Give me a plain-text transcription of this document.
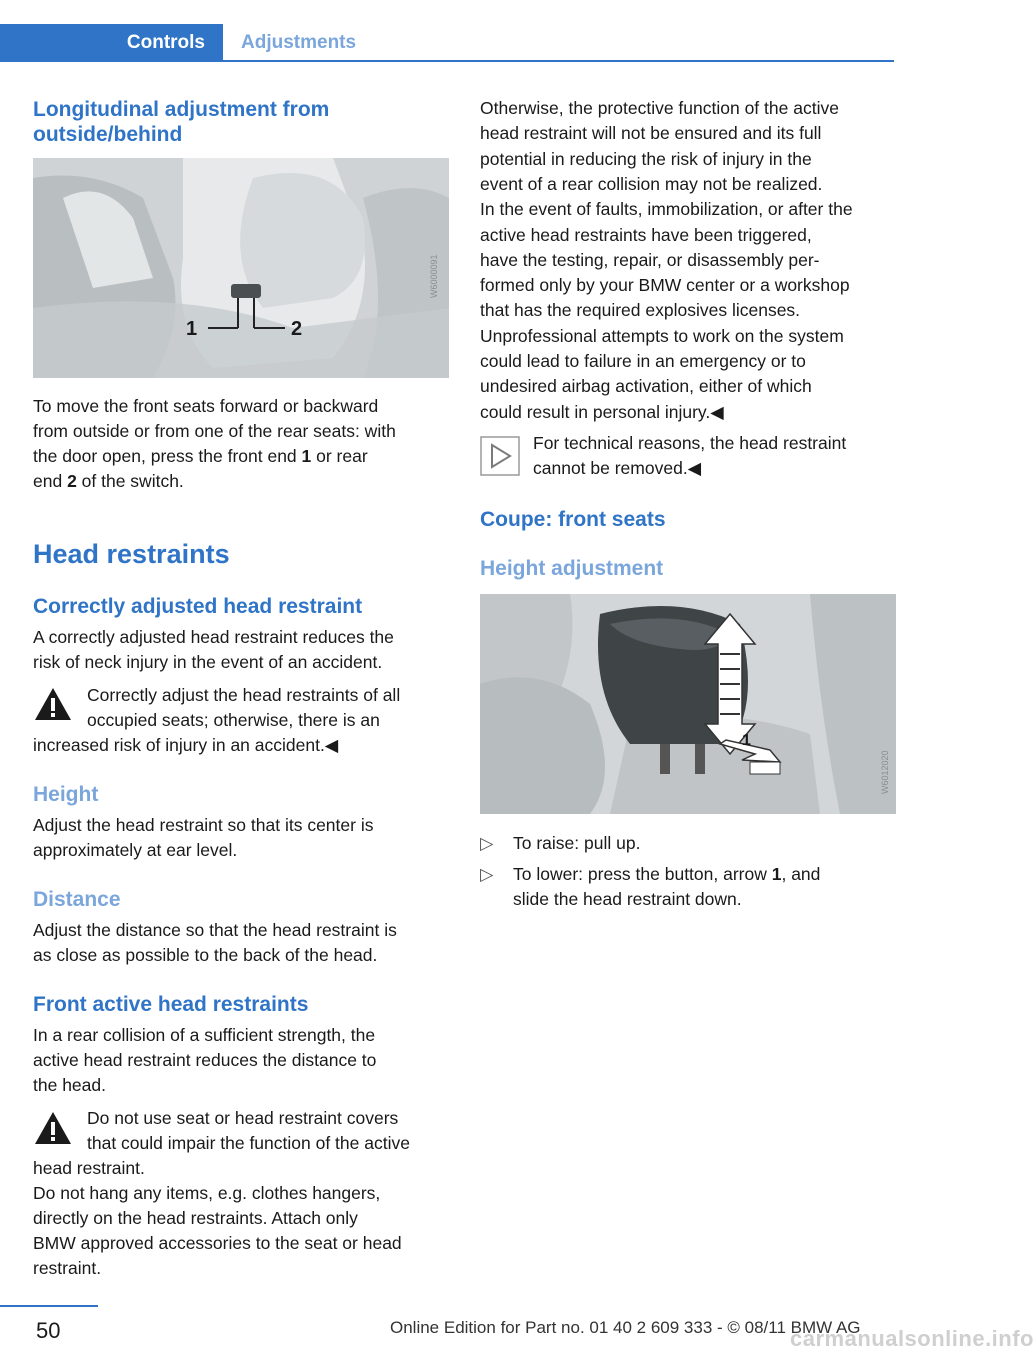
Controls	Adjustments
Longitudinal adjustment from
outside/behind
1	2
W6000091

To move the front seats forward or backward

from outside or from one of the rear seats: with

the door open, press the front end 1 or rear

end 2 of the switch.

Head restraints
Correctly adjusted head restraint

A correctly adjusted head restraint reduces the

risk of neck injury in the event of an accident.

Correctly adjust the head restraints of all

occupied seats; otherwise, there is an

increased risk of injury in an accident.◀

Height

Adjust the head restraint so that its center is

approximately at ear level.

Distance

Adjust the distance so that the head restraint is

as close as possible to the back of the head.

Front active head restraints

In a rear collision of a sufficient strength, the

active head restraint reduces the distance to

the head.

Do not use seat or head restraint covers

that could impair the function of the active

head restraint.

Do not hang any items, e.g. clothes hangers,

directly on the head restraints. Attach only

BMW approved accessories to the seat or head

restraint.

Otherwise, the protective function of the active

head restraint will not be ensured and its full

potential in reducing the risk of injury in the

event of a rear collision may not be realized.

In the event of faults, immobilization, or after the

active head restraints have been triggered,

have the testing, repair, or disassembly per-

formed only by your BMW center or a workshop

that has the required explosives licenses.

Unprofessional attempts to work on the system

could lead to failure in an emergency or to

undesired airbag activation, either of which

could result in personal injury.◀

For technical reasons, the head restraint

cannot be removed.◀

Coupe: front seats
Height adjustment
1
W6012020
▷ To raise: pull up.
▷ To lower: press the button, arrow 1, and
slide the head restraint down.
50	Online Edition for Part no. 01 40 2 609 333 - © 08/11 BMW AG
carmanualsonline.info
